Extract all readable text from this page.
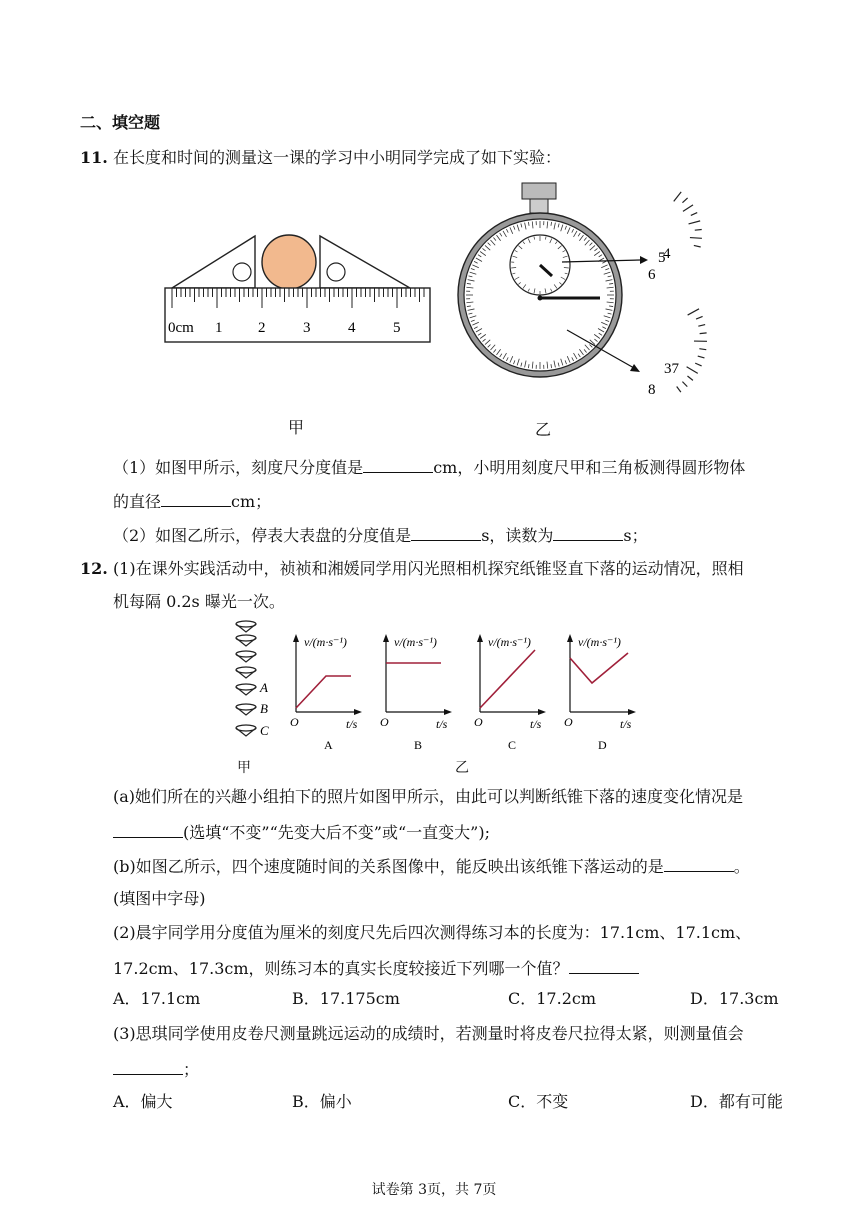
二、填空题
11. 在长度和时间的测量这一课的学习中小明同学完成了如下实验：
0cm 1 2	3	4	5
5
6
4
37
8
甲	乙
（1）如图甲所示，刻度尺分度值是	cm，小明用刻度尺甲和三角板测得圆形物体
的直径	cm；
（2）如图乙所示，停表大表盘的分度值是	s，读数为	s；
12. (1)在课外实践活动中，祯祯和湘媛同学用闪光照相机探究纸锥竖直下落的运动情况，照相
机每隔 0.2s 曝光一次。
A
B
C
v/(m·s⁻¹)
O	t/s
A
v/(m·s⁻¹)
O	t/s
B
v/(m·s⁻¹)
O	t/s
C
v/(m·s⁻¹)
O	t/s
D
甲	乙
(a)她们所在的兴趣小组拍下的照片如图甲所示，由此可以判断纸锥下落的速度变化情况是
(选填“不变”“先变大后不变”或“一直变大”);
(b)如图乙所示，四个速度随时间的关系图像中，能反映出该纸锥下落运动的是	。
(填图中字母)
(2)晨宇同学用分度值为厘米的刻度尺先后四次测得练习本的长度为：17.1cm、17.1cm、
17.2cm、17.3cm，则练习本的真实长度较接近下列哪一个值？
A．17.1cm	B．17.175cm	C．17.2cm	D．17.3cm
(3)思琪同学使用皮卷尺测量跳远运动的成绩时，若测量时将皮卷尺拉得太紧，则测量值会
；
A．偏大	B．偏小	C．不变	D．都有可能
试卷第 3页，共 7页
